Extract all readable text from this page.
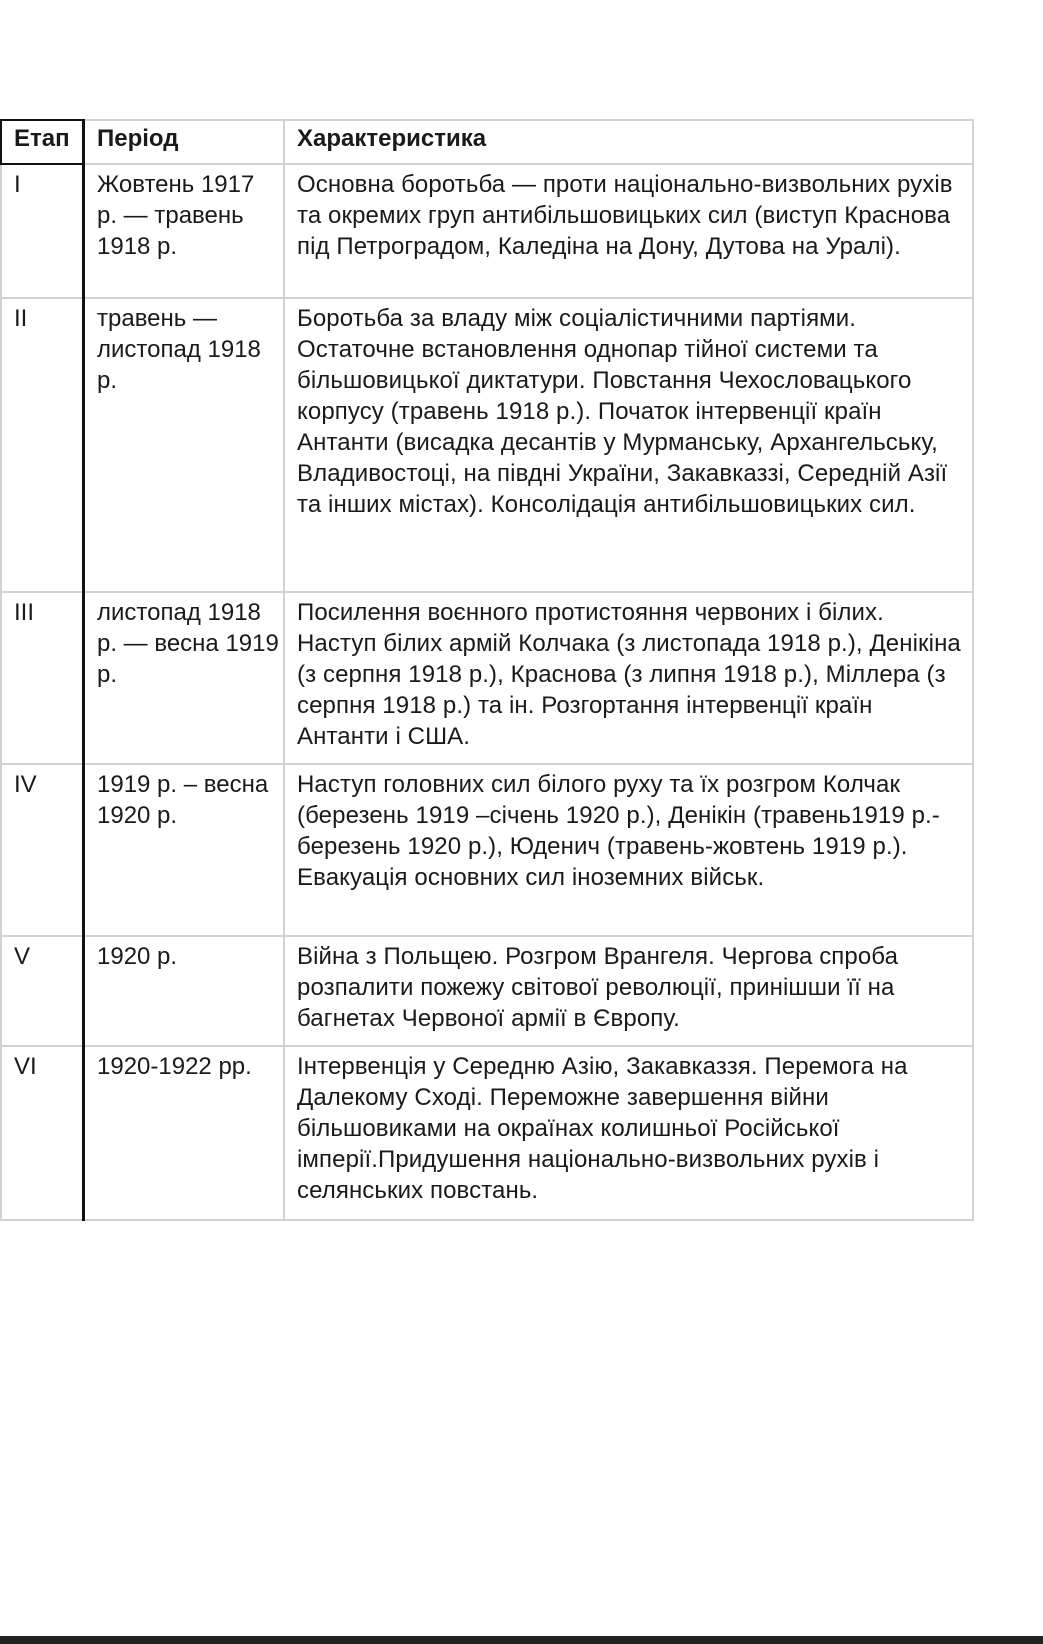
Етап	Період	Характеристика
I	Жовтень 1917 р. — травень 1918 р.	Основна боротьба — проти національно-визвольних рухів та окремих груп антибільшовицьких сил (виступ Краснова під Петроградом, Каледіна на Дону, Дутова на Уралі).
II	травень — листопад 1918 р.	Боротьба за владу між соціалістичними партіями. Остаточне встановлення однопар тійної системи та більшовицької диктатури. Повстання Чехословацького корпусу (травень 1918 р.). Початок інтервенції країн Антанти (висадка десантів у Мурманську, Архангельську, Владивостоці, на півдні України, Закавказзі, Середній Азії та інших містах). Консолідація антибільшовицьких сил.
III	листопад 1918 р. — весна 1919 р.	Посилення воєнного протистояння червоних і білих. Наступ білих армій Колчака (з листопада 1918 р.), Денікіна (з серпня 1918 р.), Краснова (з липня 1918 р.), Міллера (з серпня 1918 р.) та ін. Розгортання інтервенції країн Антанти і США.
IV	1919 р. – весна 1920 р.	Наступ головних сил білого руху та їх розгром Колчак (березень 1919 –січень 1920 р.), Денікін (травень1919 р.- березень 1920 р.), Юденич (травень-жовтень 1919 р.). Евакуація основних сил іноземних військ.
V	1920 р.	Війна з Польщею. Розгром Врангеля. Чергова спроба розпалити пожежу світової революції, принішши її на багнетах Червоної армії в Європу.
VI	1920-1922 рр.	Інтервенція у Середню Азію, Закавказзя. Перемога на Далекому Сході. Переможне завершення війни більшовиками на окраїнах колишньої Російської імперії.Придушення національно-визвольних рухів і селянських повстань.
